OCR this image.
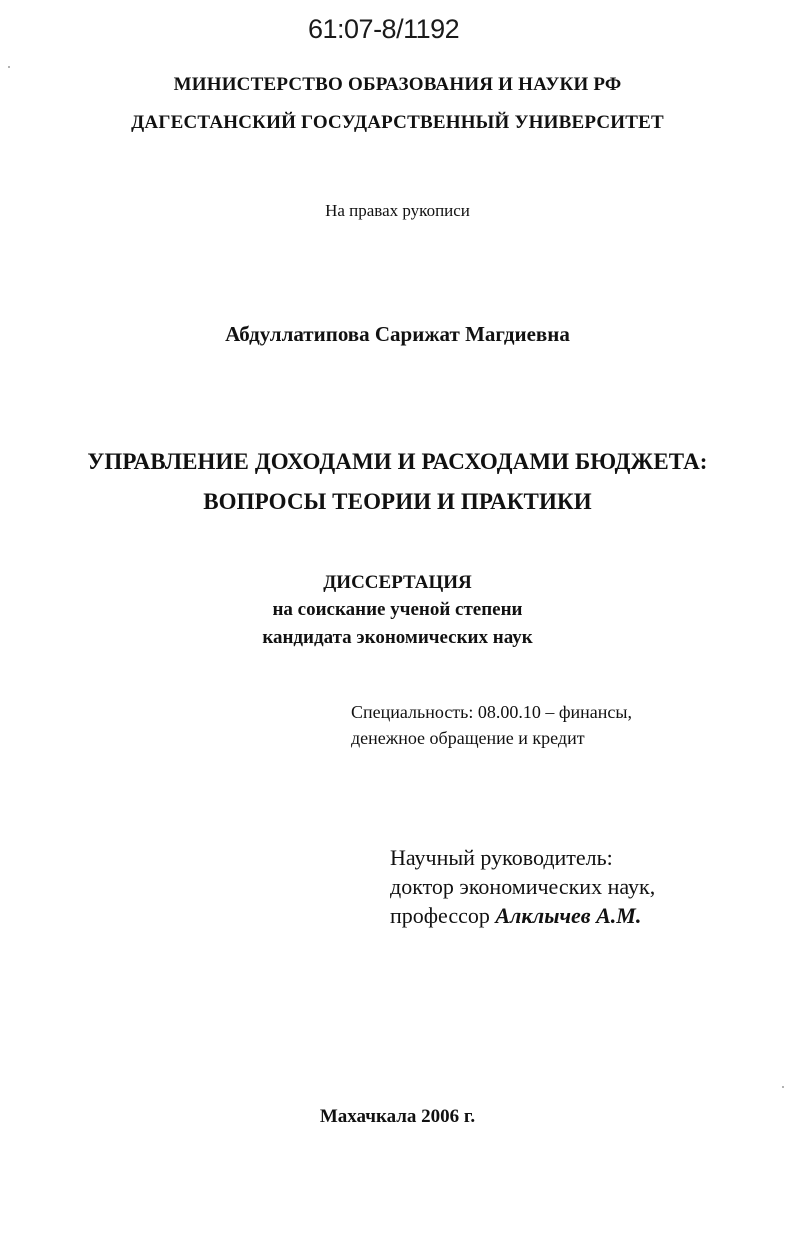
61:07-8/1192
МИНИСТЕРСТВО ОБРАЗОВАНИЯ И НАУКИ РФ
ДАГЕСТАНСКИЙ ГОСУДАРСТВЕННЫЙ УНИВЕРСИТЕТ
На правах рукописи
Абдуллатипова Сарижат Магдиевна
УПРАВЛЕНИЕ ДОХОДАМИ И РАСХОДАМИ БЮДЖЕТА:
ВОПРОСЫ ТЕОРИИ И ПРАКТИКИ
ДИССЕРТАЦИЯ
на соискание ученой степени
кандидата экономических наук
Специальность: 08.00.10 – финансы,
денежное обращение и кредит
Научный руководитель:
доктор экономических наук,
профессор Алклычев А.М.
Махачкала 2006 г.
